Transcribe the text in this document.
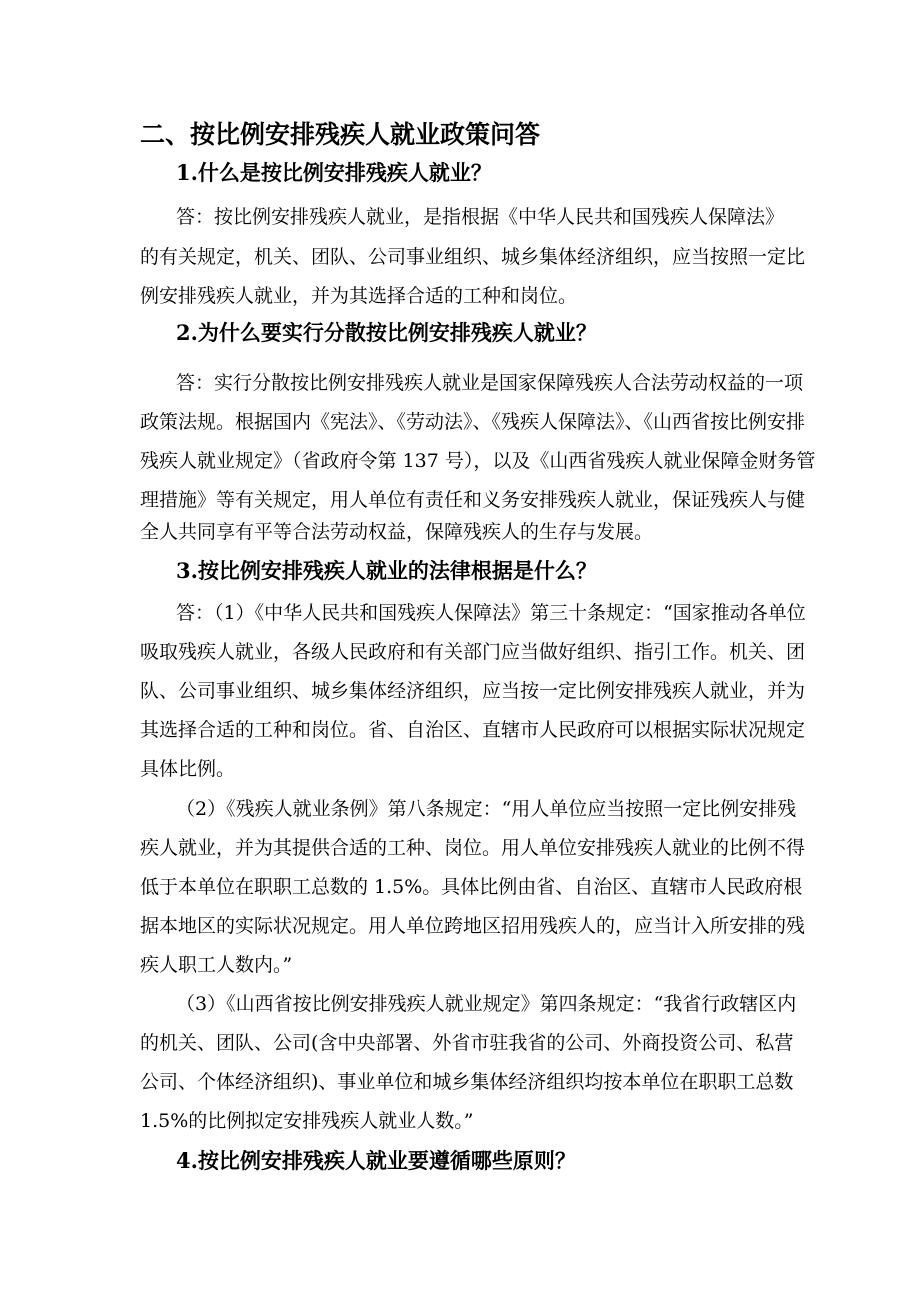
二、按比例安排残疾人就业政策问答
1.什么是按比例安排残疾人就业？
答：按比例安排残疾人就业，是指根据《中华人民共和国残疾人保障法》
的有关规定，机关、团队、公司事业组织、城乡集体经济组织，应当按照一定比
例安排残疾人就业，并为其选择合适的工种和岗位。
2.为什么要实行分散按比例安排残疾人就业？
答：实行分散按比例安排残疾人就业是国家保障残疾人合法劳动权益的一项
政策法规。根据国内《宪法》、《劳动法》、《残疾人保障法》、《山西省按比例安排
残疾人就业规定》（省政府令第 137 号），以及《山西省残疾人就业保障金财务管
理措施》等有关规定，用人单位有责任和义务安排残疾人就业，保证残疾人与健
全人共同享有平等合法劳动权益，保障残疾人的生存与发展。
3.按比例安排残疾人就业的法律根据是什么？
答：（1）《中华人民共和国残疾人保障法》第三十条规定：“国家推动各单位
吸取残疾人就业，各级人民政府和有关部门应当做好组织、指引工作。机关、团
队、公司事业组织、城乡集体经济组织，应当按一定比例安排残疾人就业，并为
其选择合适的工种和岗位。省、自治区、直辖市人民政府可以根据实际状况规定
具体比例。
（2）《残疾人就业条例》第八条规定：“用人单位应当按照一定比例安排残
疾人就业，并为其提供合适的工种、岗位。用人单位安排残疾人就业的比例不得
低于本单位在职职工总数的 1.5%。具体比例由省、自治区、直辖市人民政府根
据本地区的实际状况规定。用人单位跨地区招用残疾人的，应当计入所安排的残
疾人职工人数内。”
（3）《山西省按比例安排残疾人就业规定》第四条规定：“我省行政辖区内
的机关、团队、公司(含中央部署、外省市驻我省的公司、外商投资公司、私营
公司、个体经济组织)、事业单位和城乡集体经济组织均按本单位在职职工总数
1.5%的比例拟定安排残疾人就业人数。”
4.按比例安排残疾人就业要遵循哪些原则？
